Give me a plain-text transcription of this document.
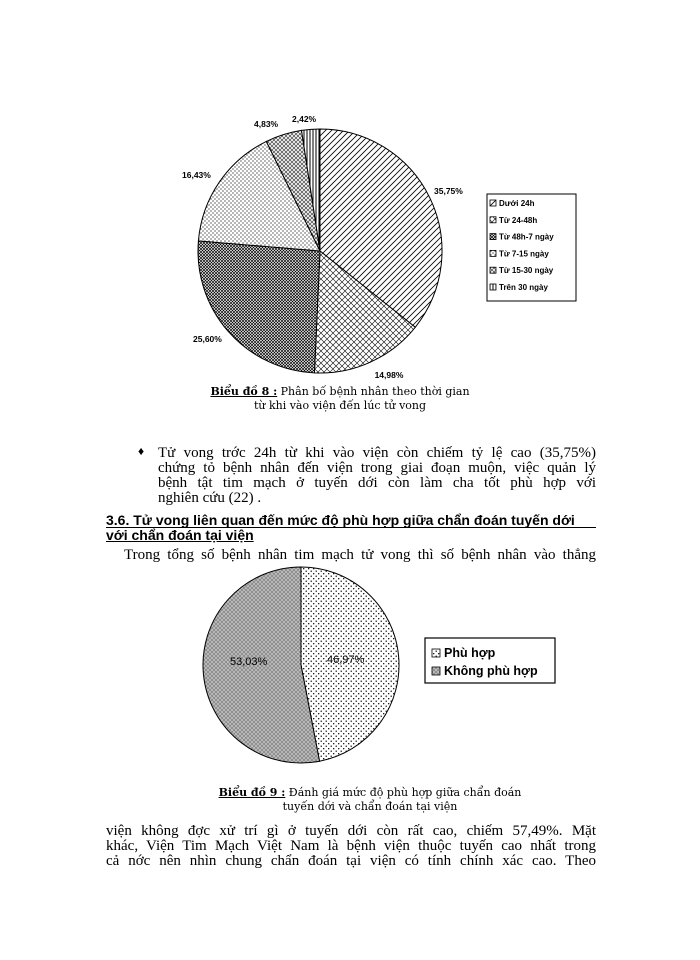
35,75%
14,98%
25,60%
16,43%
4,83% 2,42%
Dưới 24h
Từ 24-48h
Từ 48h-7 ngày
Từ 7-15 ngày
Từ 15-30 ngày
Trên 30 ngày
Biểu đồ 8 : Phân bố bệnh nhân theo thời gian
từ khi vào viện đến lúc tử vong
♦ Tử vong trớc 24h từ khi vào viện còn chiếm tỷ lệ cao (35,75%)
chứng tỏ bệnh nhân đến viện trong giai đoạn muộn, việc quản lý
bệnh tật tim mạch ở tuyến dới còn làm cha tốt phù hợp với
nghiên cứu (22) .
3.6. Tử vong liên quan đến mức độ phù hợp giữa chẩn đoán tuyến dới
với chẩn đoán tại viện
Trong tổng số bệnh nhân tim mạch tử vong thì số bệnh nhân vào thẳng
46,97%
53,03%
Phù hợp
Không phù hợp
Biểu đồ 9 : Đánh giá mức độ phù hợp giữa chẩn đoán
tuyến dới và chẩn đoán tại viện
viện không đợc xử trí gì ở tuyến dới còn rất cao, chiếm 57,49%. Mặt
khác, Viện Tim Mạch Việt Nam là bệnh viện thuộc tuyến cao nhất trong
cả nớc nên nhìn chung chẩn đoán tại viện có tính chính xác cao. Theo
